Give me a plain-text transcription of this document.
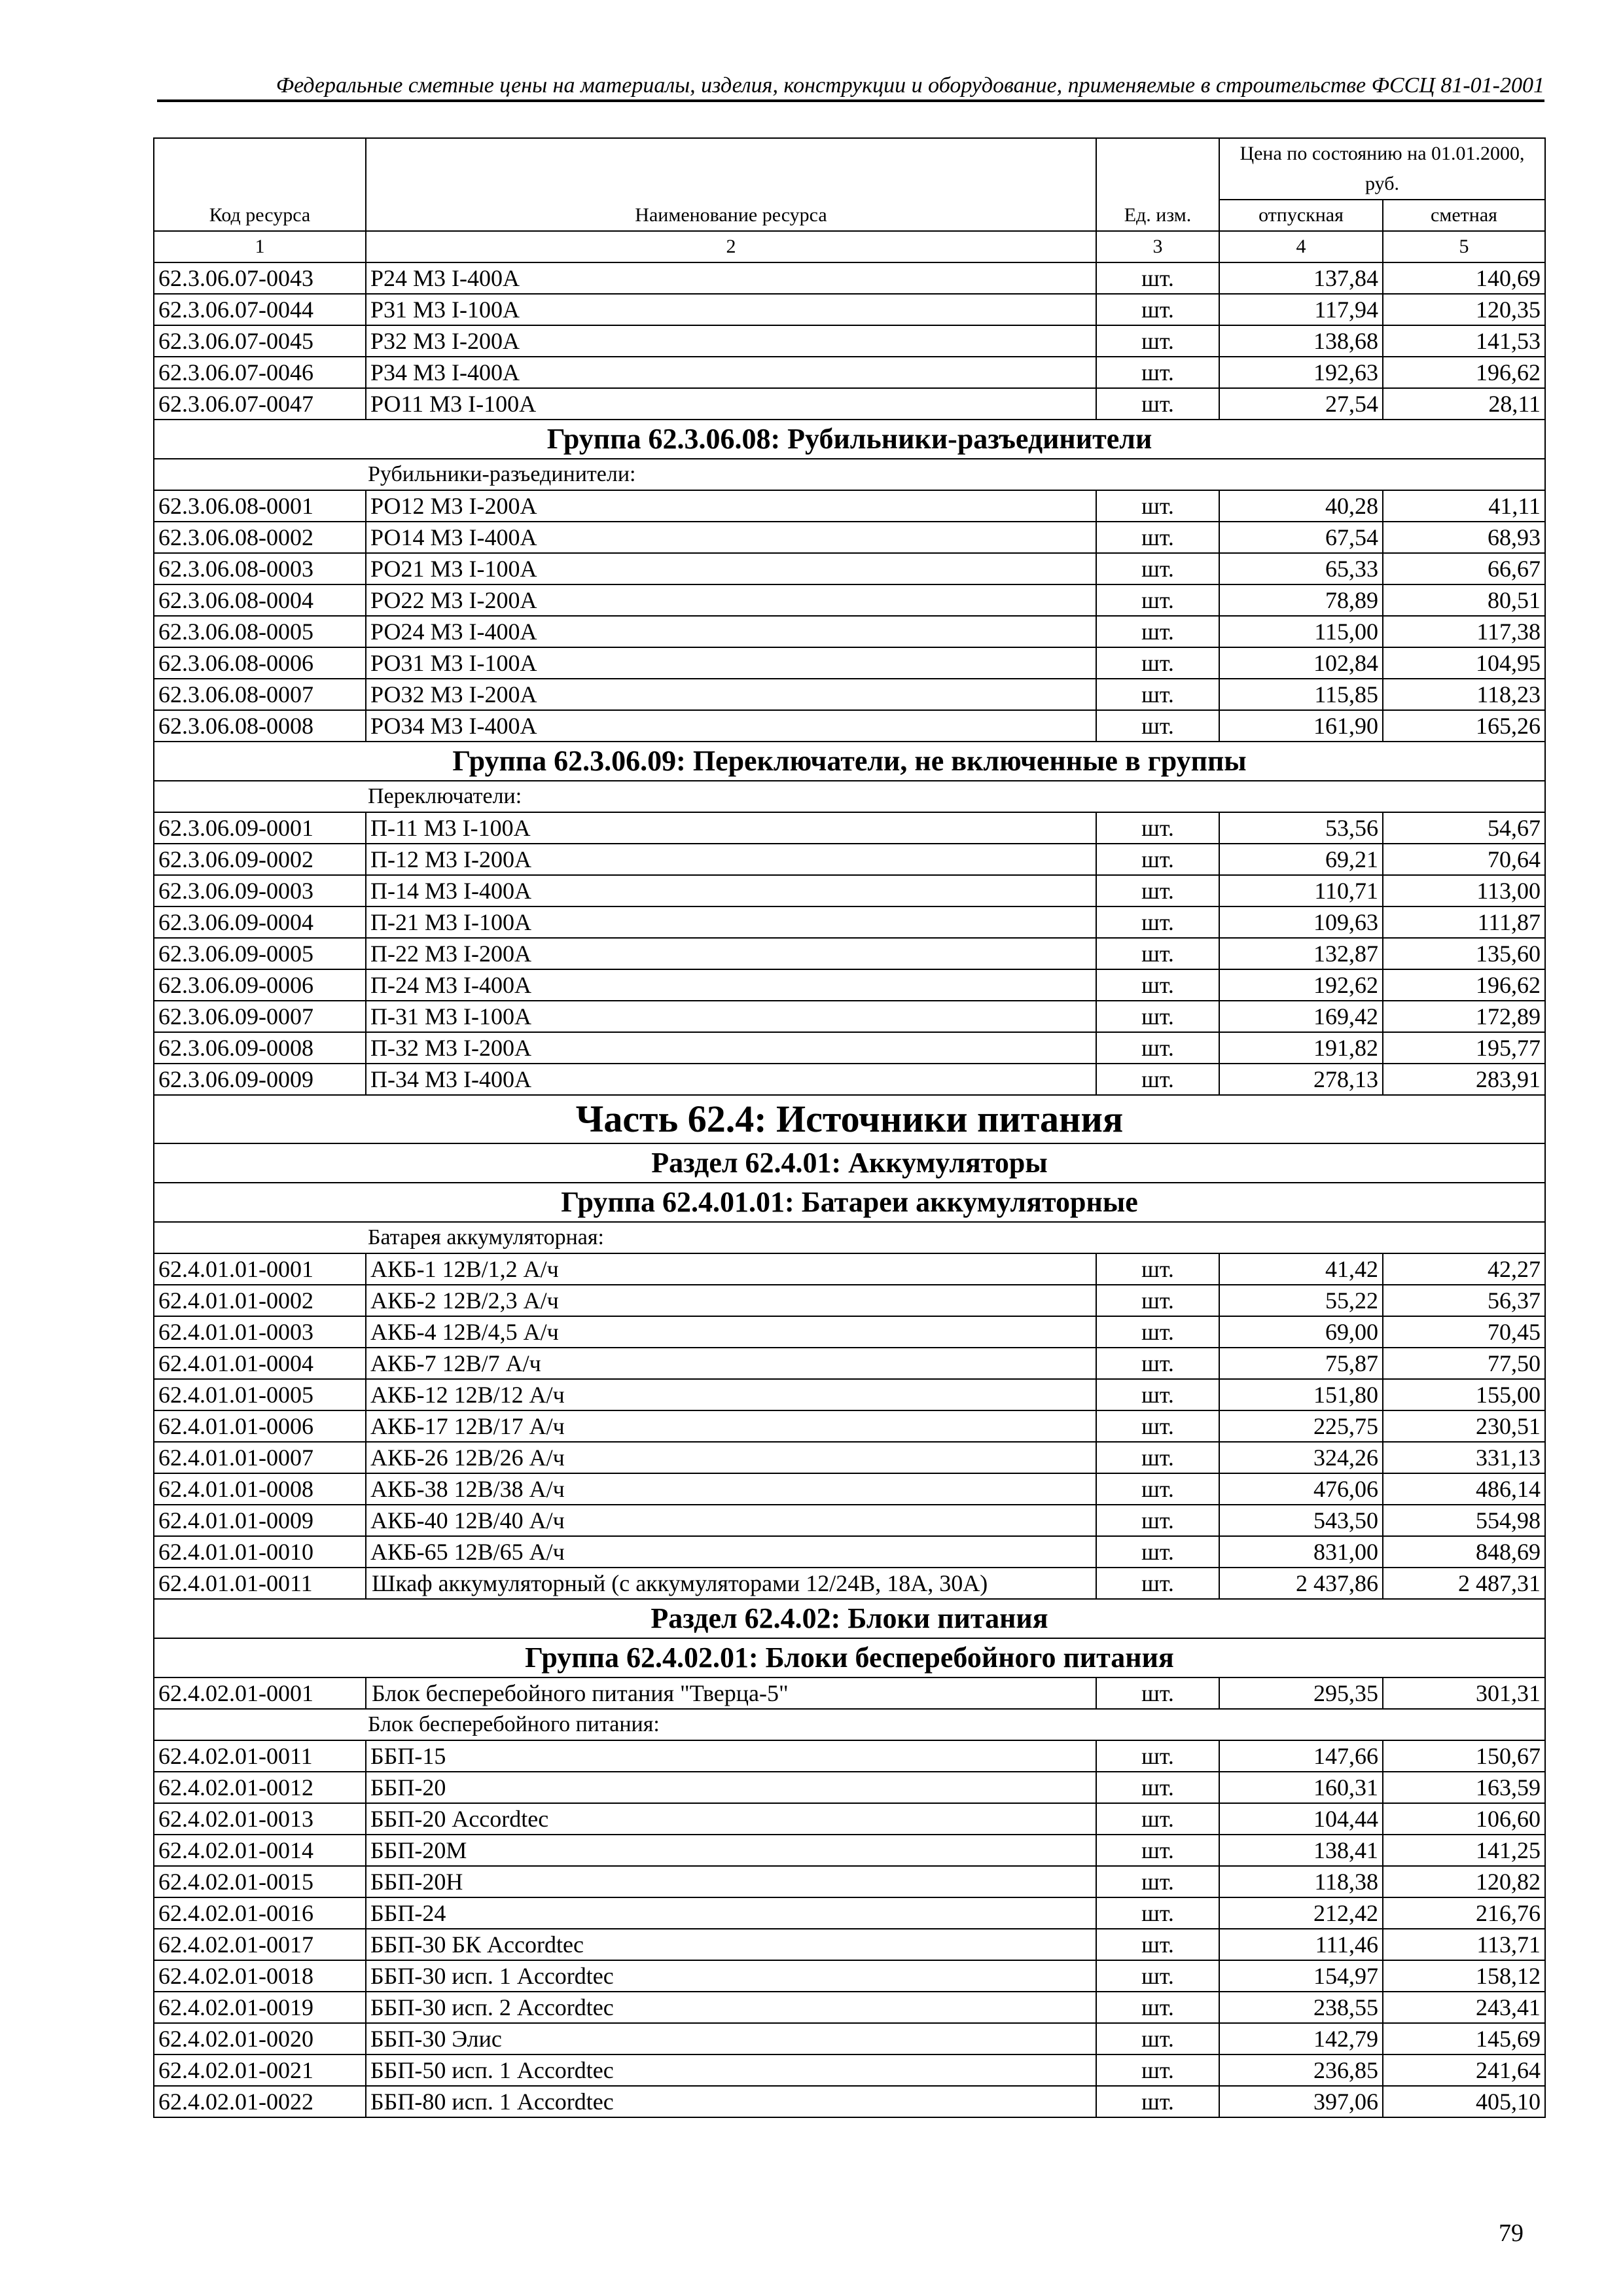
Федеральные сметные цены на материалы, изделия, конструкции и оборудование, применяемые в строительстве ФССЦ 81-01-2001
Код ресурса	Наименование ресурса	Ед. изм.	Цена по состоянию на 01.01.2000, руб.	
			отпускная	сметная
1	2	3	4	5
62.3.06.07-0043	Р24 М3 I-400А	шт.	137,84	140,69
62.3.06.07-0044	Р31 М3 I-100А	шт.	117,94	120,35
62.3.06.07-0045	Р32 М3 I-200А	шт.	138,68	141,53
62.3.06.07-0046	Р34 М3 I-400А	шт.	192,63	196,62
62.3.06.07-0047	РО11 М3 I-100А	шт.	27,54	28,11
Группа 62.3.06.08: Рубильники-разъединители				
Рубильники-разъединители:				
62.3.06.08-0001	РО12 М3 I-200А	шт.	40,28	41,11
62.3.06.08-0002	РО14 М3 I-400А	шт.	67,54	68,93
62.3.06.08-0003	РО21 М3 I-100А	шт.	65,33	66,67
62.3.06.08-0004	РО22 М3 I-200А	шт.	78,89	80,51
62.3.06.08-0005	РО24 М3 I-400А	шт.	115,00	117,38
62.3.06.08-0006	РО31 М3 I-100А	шт.	102,84	104,95
62.3.06.08-0007	РО32 М3 I-200А	шт.	115,85	118,23
62.3.06.08-0008	РО34 М3 I-400А	шт.	161,90	165,26
Группа 62.3.06.09: Переключатели, не включенные в группы				
Переключатели:				
62.3.06.09-0001	П-11 М3 I-100А	шт.	53,56	54,67
62.3.06.09-0002	П-12 М3 I-200А	шт.	69,21	70,64
62.3.06.09-0003	П-14 М3 I-400А	шт.	110,71	113,00
62.3.06.09-0004	П-21 М3 I-100А	шт.	109,63	111,87
62.3.06.09-0005	П-22 М3 I-200А	шт.	132,87	135,60
62.3.06.09-0006	П-24 М3 I-400А	шт.	192,62	196,62
62.3.06.09-0007	П-31 М3 I-100А	шт.	169,42	172,89
62.3.06.09-0008	П-32 М3 I-200А	шт.	191,82	195,77
62.3.06.09-0009	П-34 М3 I-400А	шт.	278,13	283,91
Часть 62.4: Источники питания				
Раздел 62.4.01: Аккумуляторы				
Группа 62.4.01.01: Батареи аккумуляторные				
Батарея аккумуляторная:				
62.4.01.01-0001	АКБ-1 12В/1,2 А/ч	шт.	41,42	42,27
62.4.01.01-0002	АКБ-2 12В/2,3 А/ч	шт.	55,22	56,37
62.4.01.01-0003	АКБ-4 12В/4,5 А/ч	шт.	69,00	70,45
62.4.01.01-0004	АКБ-7 12В/7 А/ч	шт.	75,87	77,50
62.4.01.01-0005	АКБ-12 12В/12 А/ч	шт.	151,80	155,00
62.4.01.01-0006	АКБ-17 12В/17 А/ч	шт.	225,75	230,51
62.4.01.01-0007	АКБ-26 12В/26 А/ч	шт.	324,26	331,13
62.4.01.01-0008	АКБ-38 12В/38 А/ч	шт.	476,06	486,14
62.4.01.01-0009	АКБ-40 12В/40 А/ч	шт.	543,50	554,98
62.4.01.01-0010	АКБ-65 12В/65 А/ч	шт.	831,00	848,69
62.4.01.01-0011	Шкаф аккумуляторный (с аккумуляторами 12/24В, 18А, 30А)	шт.	2 437,86	2 487,31
Раздел 62.4.02: Блоки питания				
Группа 62.4.02.01: Блоки бесперебойного питания				
62.4.02.01-0001	Блок бесперебойного питания "Тверца-5"	шт.	295,35	301,31
Блок бесперебойного питания:				
62.4.02.01-0011	ББП-15	шт.	147,66	150,67
62.4.02.01-0012	ББП-20	шт.	160,31	163,59
62.4.02.01-0013	ББП-20 Accordtec	шт.	104,44	106,60
62.4.02.01-0014	ББП-20М	шт.	138,41	141,25
62.4.02.01-0015	ББП-20Н	шт.	118,38	120,82
62.4.02.01-0016	ББП-24	шт.	212,42	216,76
62.4.02.01-0017	ББП-30 БК Accordtec	шт.	111,46	113,71
62.4.02.01-0018	ББП-30 исп. 1 Accordtec	шт.	154,97	158,12
62.4.02.01-0019	ББП-30 исп. 2 Accordtec	шт.	238,55	243,41
62.4.02.01-0020	ББП-30 Элис	шт.	142,79	145,69
62.4.02.01-0021	ББП-50 исп. 1 Accordtec	шт.	236,85	241,64
62.4.02.01-0022	ББП-80 исп. 1 Accordtec	шт.	397,06	405,10
79
